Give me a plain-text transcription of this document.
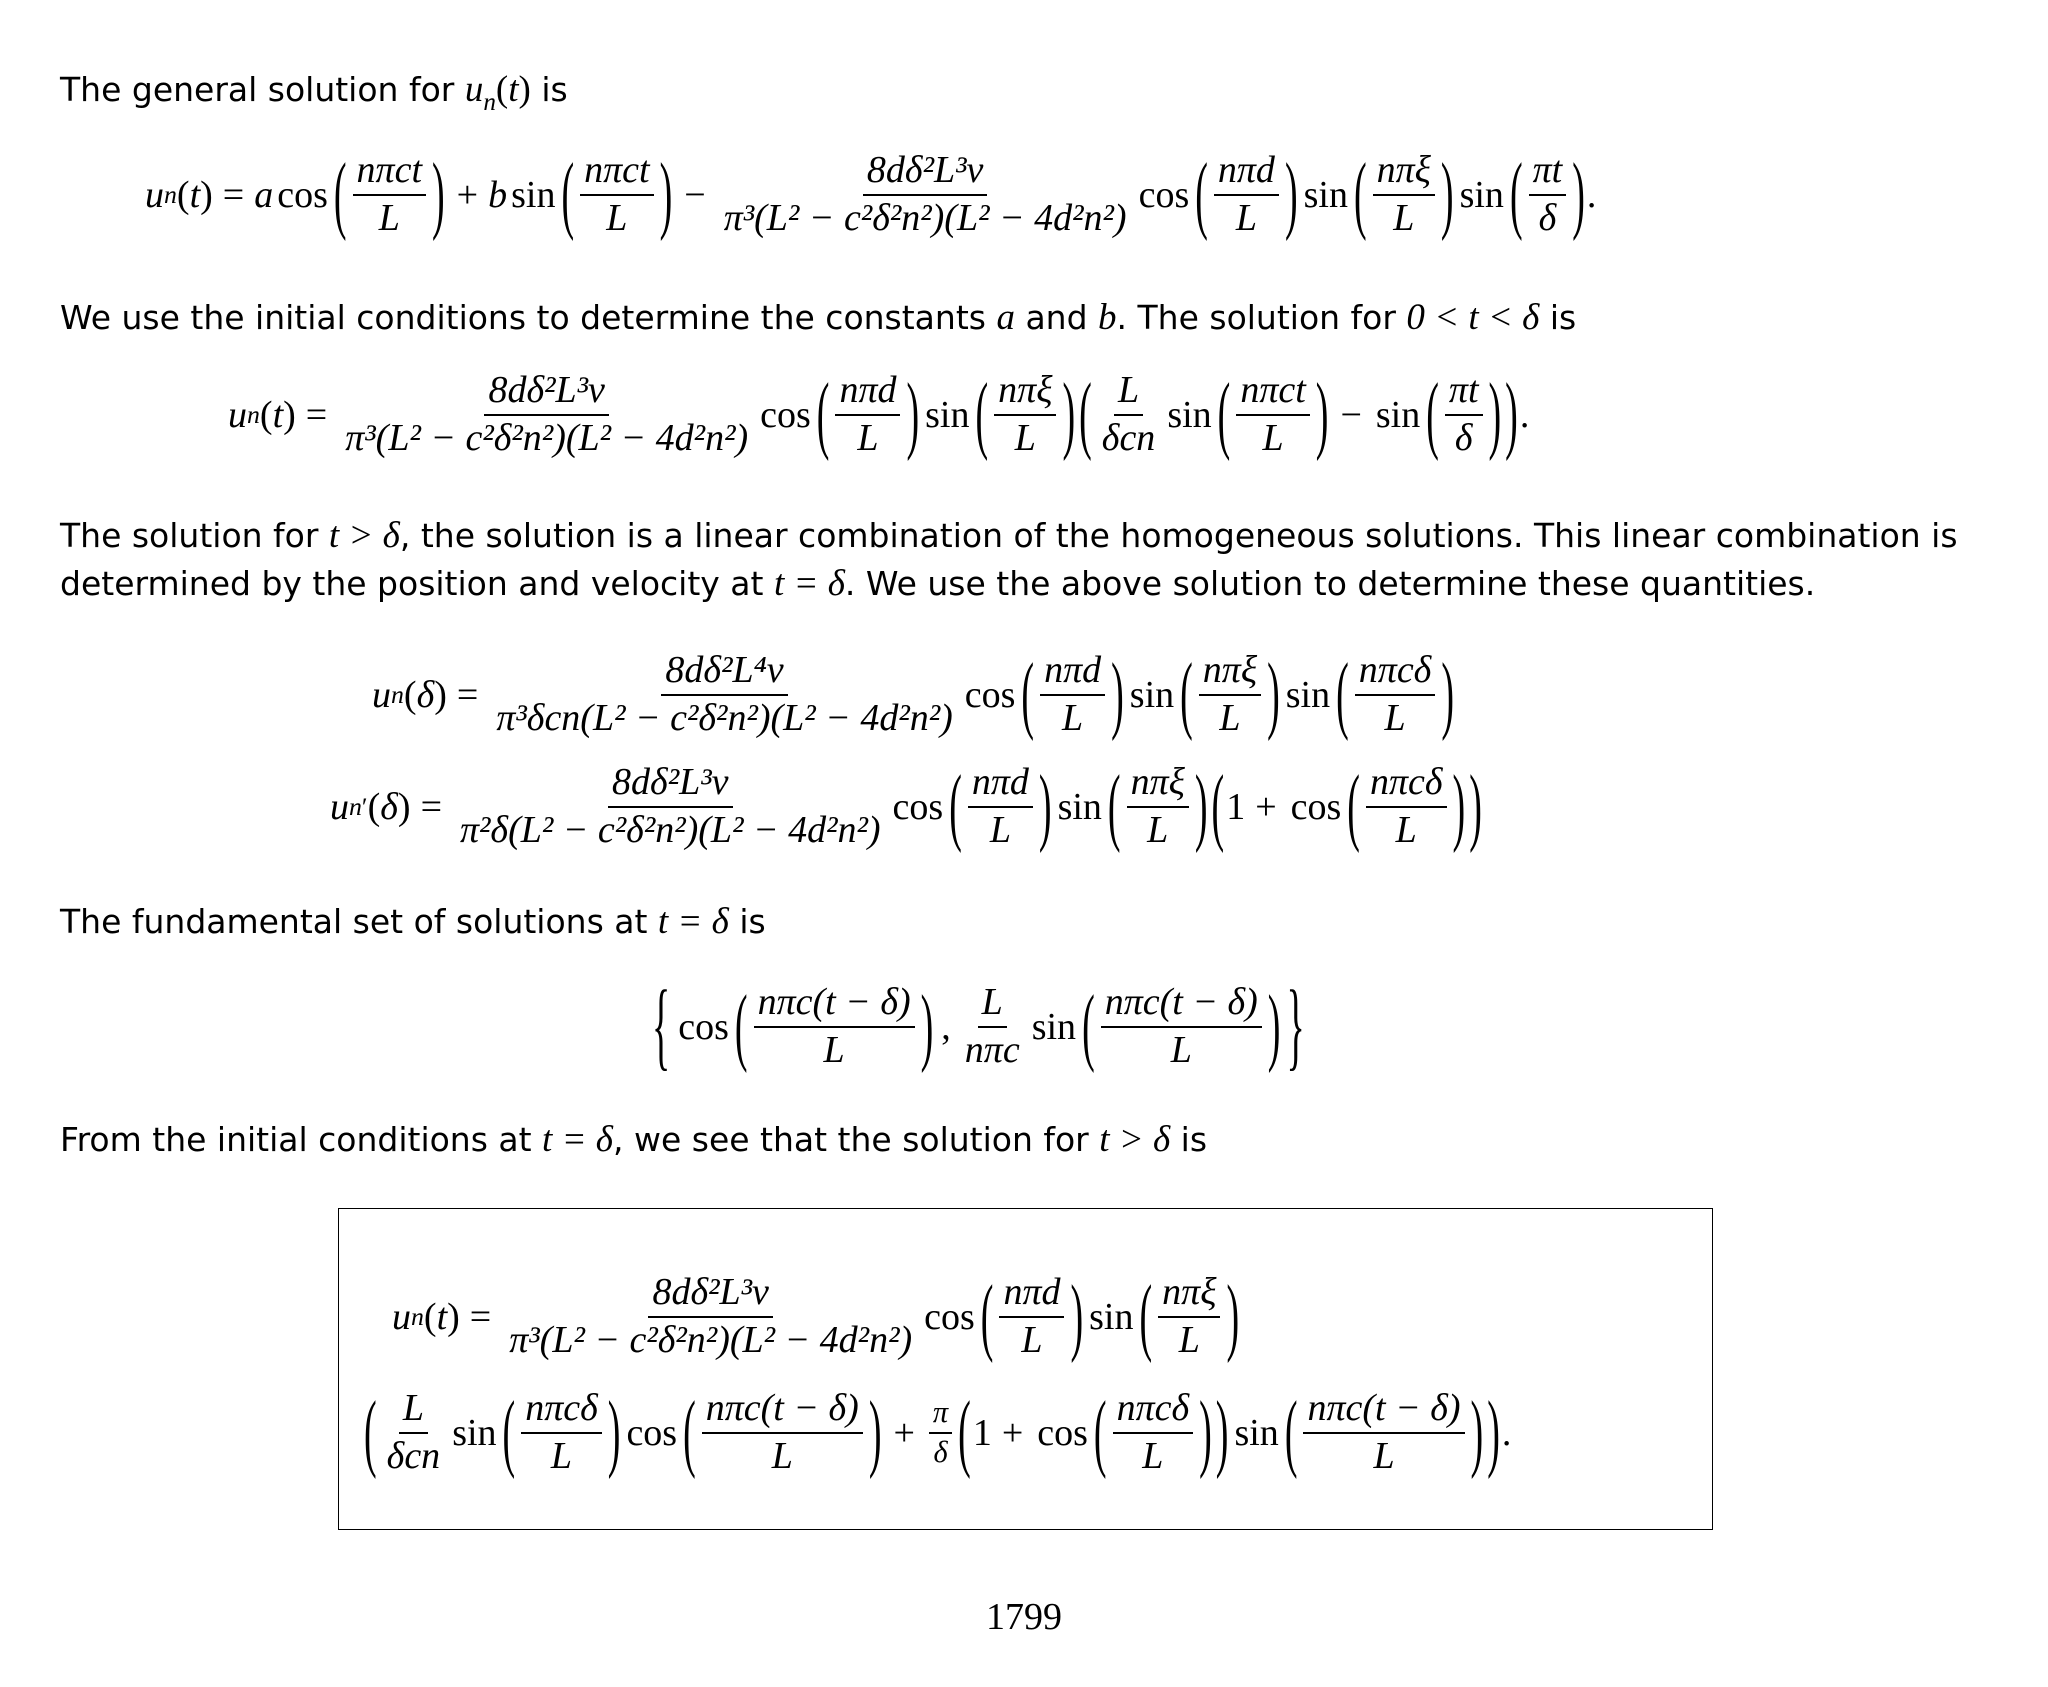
The general solution for $u_n(t)$ is
u n ( t ) = a cos ( $\frac{\text{nπct}}{L}$ ) + b sin ( $\frac{\text{nπct}}{L}$ ) − $\frac{\text{8dδ²L³v}}{\text{π³(L² − c²δ²n²)(L² − 4d²n²)}}$ cos ( $\frac{\text{nπd}}{L}$ ) sin ( $\frac{\text{nπξ}}{L}$ ) sin ( $\frac{\pi t}{\delta}$ ) .
We use the initial conditions to determine the constants a and b. The solution for 0 < t < δ is
u n ( t ) = $\frac{\text{8dδ²L³v}}{\text{π³(L² − c²δ²n²)(L² − 4d²n²)}}$ cos ( $\frac{\text{nπd}}{L}$ ) sin ( $\frac{\text{nπξ}}{L}$ ) ( $\frac{L}{\text{δcn}}$ sin ( $\frac{\text{nπct}}{L}$ ) − sin ( $\frac{\pi t}{\delta}$ ) ) .
The solution for t > δ, the solution is a linear combination of the homogeneous solutions. This linear combination is
determined by the position and velocity at t = δ. We use the above solution to determine these quantities.
u n ( δ ) = $\frac{\text{8dδ²L⁴v}}{\text{π³δcn(L² − c²δ²n²)(L² − 4d²n²)}}$ cos ( $\frac{\text{nπd}}{L}$ ) sin ( $\frac{\text{nπξ}}{L}$ ) sin ( $\frac{\text{nπcδ}}{L}$ )
u n ′ ( δ ) = $\frac{\text{8dδ²L³v}}{\text{π²δ(L² − c²δ²n²)(L² − 4d²n²)}}$ cos ( $\frac{\text{nπd}}{L}$ ) sin ( $\frac{\text{nπξ}}{L}$ ) ( 1 + cos ( $\frac{\text{nπcδ}}{L}$ ) )
The fundamental set of solutions at t = δ is
{ cos ( $\frac{\text{nπc(t − δ)}}{L}$ ) , $\frac{L}{\text{nπc}}$ sin ( $\frac{\text{nπc(t − δ)}}{L}$ ) }
From the initial conditions at t = δ, we see that the solution for t > δ is
u n ( t ) = $\frac{\text{8dδ²L³v}}{\text{π³(L² − c²δ²n²)(L² − 4d²n²)}}$ cos ( $\frac{\text{nπd}}{L}$ ) sin ( $\frac{\text{nπξ}}{L}$ )
( $\frac{L}{\text{δcn}}$ sin ( $\frac{\text{nπcδ}}{L}$ ) cos ( $\frac{\text{nπc(t − δ)}}{L}$ ) + $\frac{\pi}{\delta}$ ( 1 + cos ( $\frac{\text{nπcδ}}{L}$ ) ) sin ( $\frac{\text{nπc(t − δ)}}{L}$ ) ) .
1799
